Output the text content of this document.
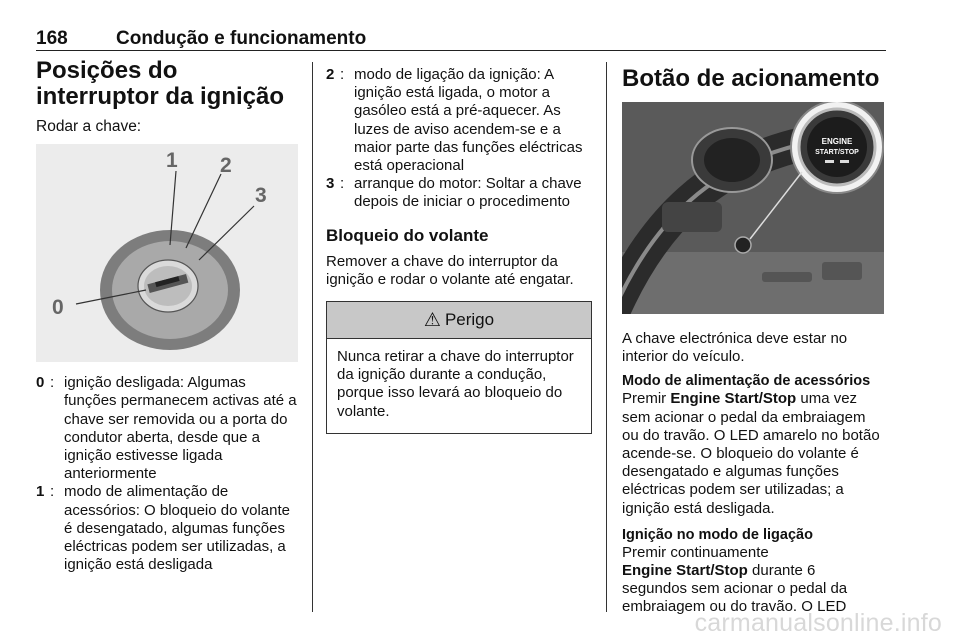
168	Condução e funcionamento
Posições do interruptor da ignição
Rodar a chave:
1 2
3
0
0 : ignição desligada: Algumas funções permanecem activas até a chave ser removida ou a porta do condutor aberta, desde que a ignição estivesse ligada anteriormente
1 : modo de alimentação de acessórios: O bloqueio do volante é desengatado, algumas funções eléctricas podem ser utilizadas, a ignição está desligada
2 : modo de ligação da ignição: A ignição está ligada, o motor a gasóleo está a pré-aquecer. As luzes de aviso acendem-se e a maior parte das funções eléctricas está operacional
3 : arranque do motor: Soltar a chave depois de iniciar o procedimento
Bloqueio do volante
Remover a chave do interruptor da ignição e rodar o volante até engatar.
⚠ Perigo
Nunca retirar a chave do interruptor da ignição durante a condução, porque isso levará ao bloqueio do volante.
Botão de acionamento
ENGINE
START/STOP
A chave electrónica deve estar no interior do veículo.
Modo de alimentação de acessórios
Premir Engine Start/Stop uma vez sem acionar o pedal da embraiagem ou do travão. O LED amarelo no botão acende-se. O bloqueio do volante é desengatado e algumas funções eléctricas podem ser utilizadas; a ignição está desligada.
Ignição no modo de ligação
Premir continuamente
Engine Start/Stop durante 6 segundos sem acionar o pedal da embraiagem ou do travão. O LED
carmanualsonline.info
